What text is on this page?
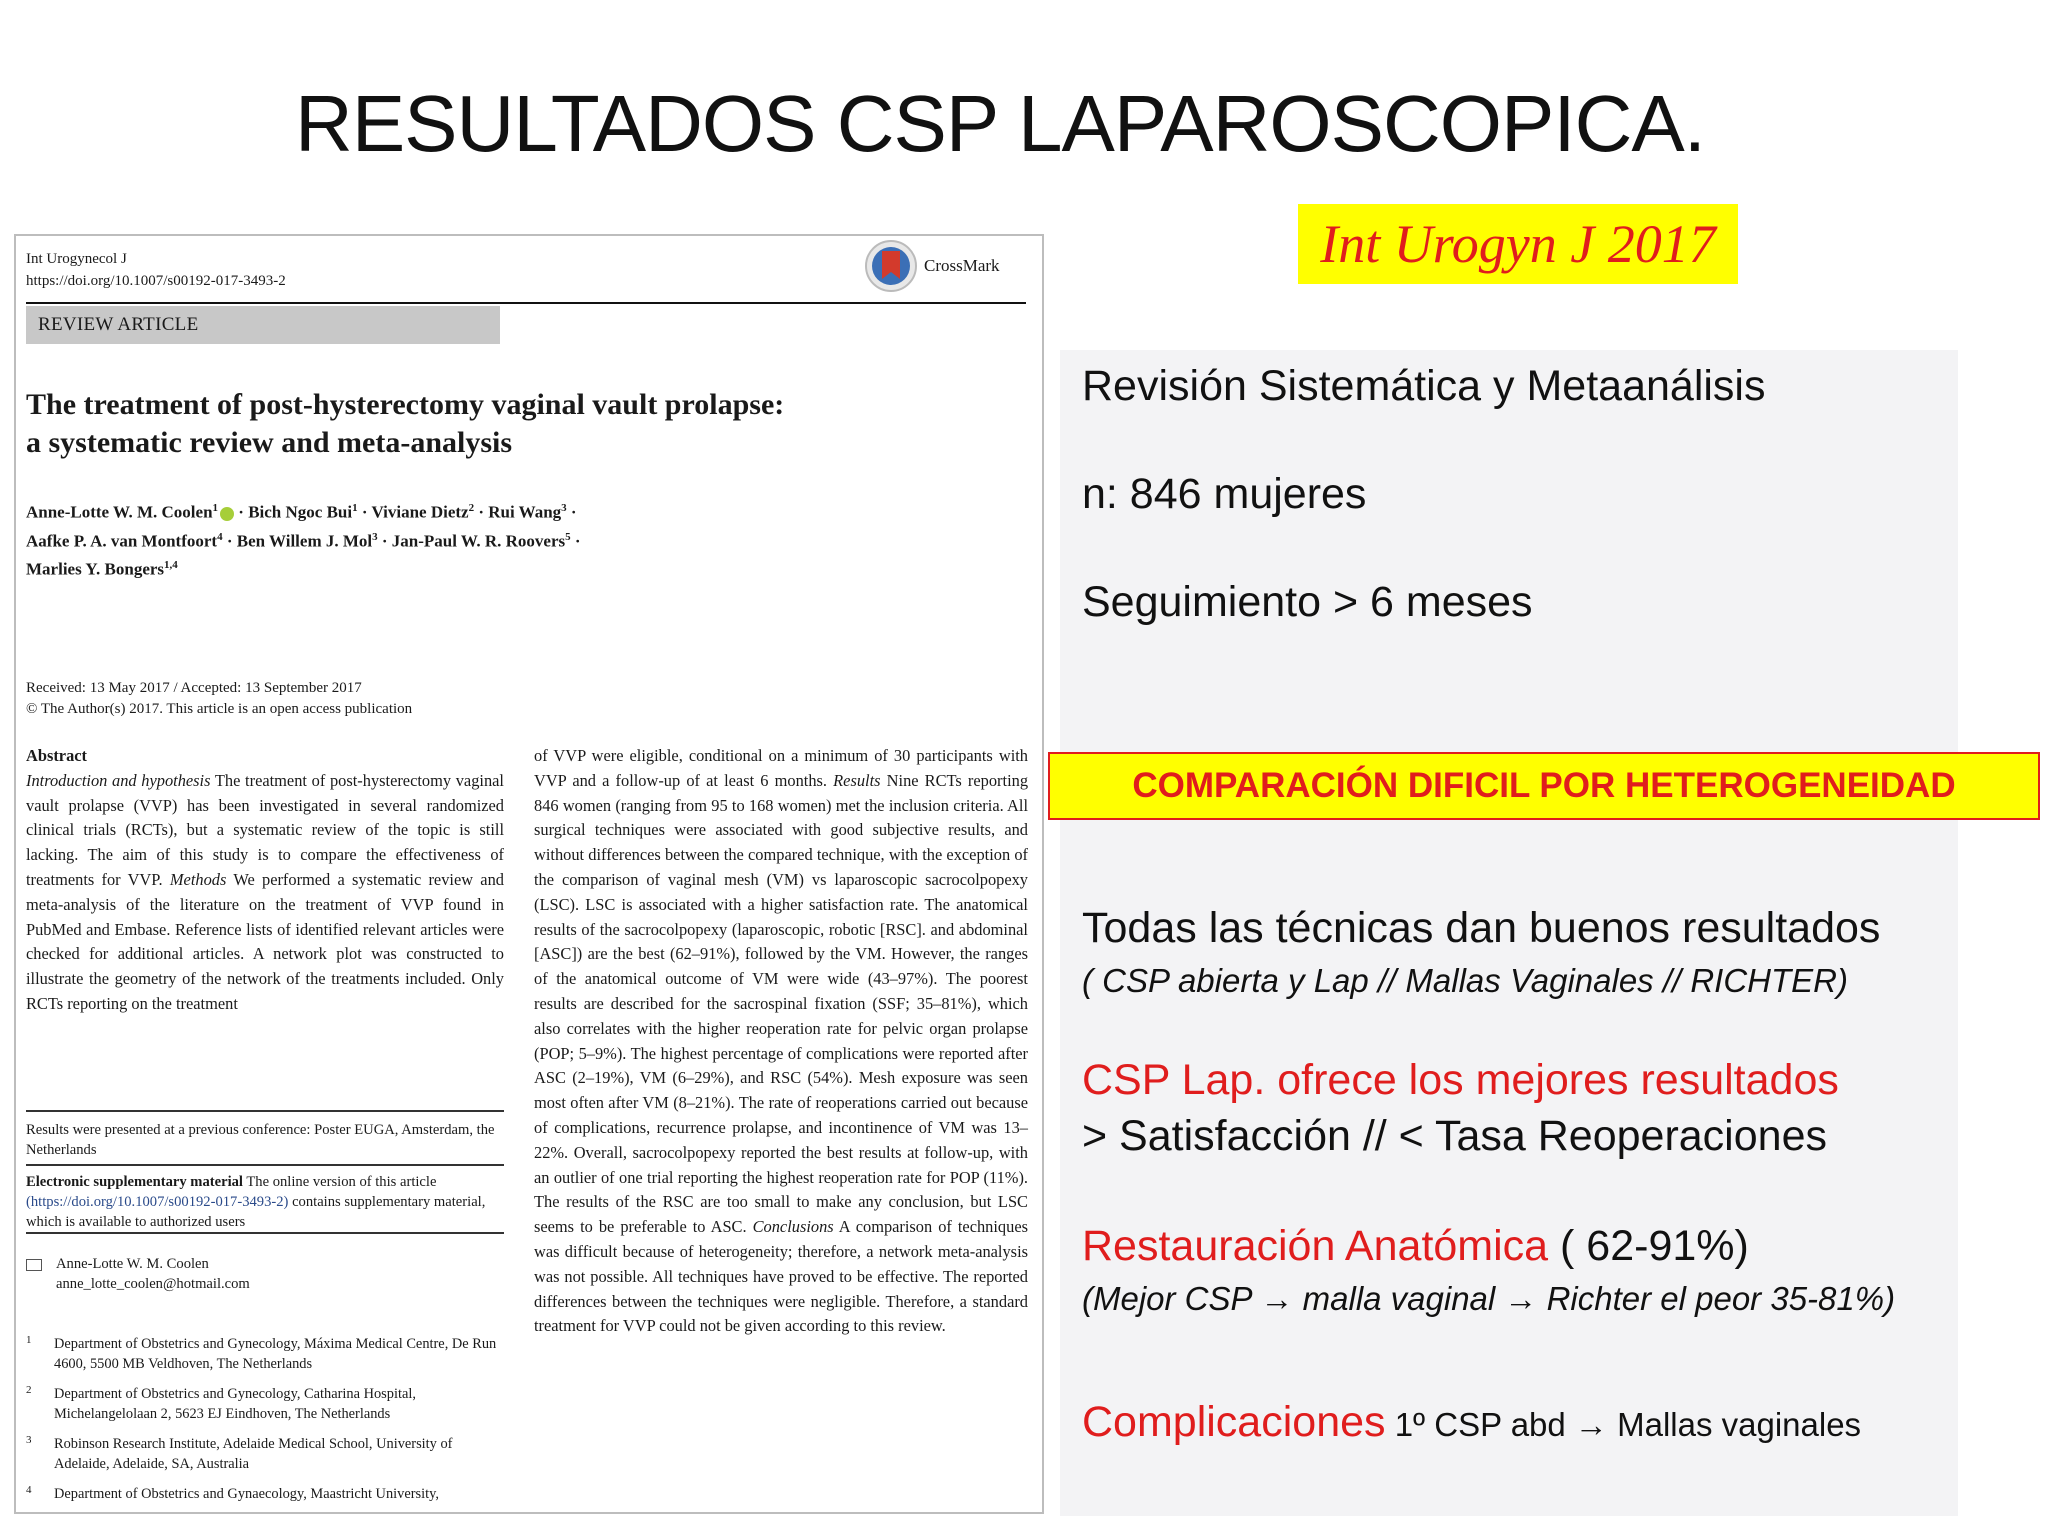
RESULTADOS CSP LAPAROSCOPICA.
Int Urogynecol J
https://doi.org/10.1007/s00192-017-3493-2
CrossMark
REVIEW ARTICLE
The treatment of post-hysterectomy vaginal vault prolapse:
a systematic review and meta-analysis
Anne-Lotte W. M. Coolen$^1$ · Bich Ngoc Bui$^1$ · Viviane Dietz$^2$ · Rui Wang$^3$ ·
Aafke P. A. van Montfoort$^4$ · Ben Willem J. Mol$^3$ · Jan-Paul W. R. Roovers$^5$ ·
Marlies Y. Bongers$^{1,4}$
Received: 13 May 2017 / Accepted: 13 September 2017
© The Author(s) 2017. This article is an open access publication
Abstract
Introduction and hypothesis The treatment of post-hysterectomy vaginal vault prolapse (VVP) has been investigated in several randomized clinical trials (RCTs), but a systematic review of the topic is still lacking. The aim of this study is to compare the effectiveness of treatments for VVP. Methods We performed a systematic review and meta-analysis of the literature on the treatment of VVP found in PubMed and Embase. Reference lists of identified relevant articles were checked for additional articles. A network plot was constructed to illustrate the geometry of the network of the treatments included. Only RCTs reporting on the treatment
Results were presented at a previous conference: Poster EUGA, Amsterdam, the Netherlands
Electronic supplementary material The online version of this article (https://doi.org/10.1007/s00192-017-3493-2) contains supplementary material, which is available to authorized users
Anne-Lotte W. M. Coolen
anne_lotte_coolen@hotmail.com
1 Department of Obstetrics and Gynecology, Máxima Medical Centre, De Run 4600, 5500 MB Veldhoven, The Netherlands
2 Department of Obstetrics and Gynecology, Catharina Hospital, Michelangelolaan 2, 5623 EJ Eindhoven, The Netherlands
3 Robinson Research Institute, Adelaide Medical School, University of Adelaide, Adelaide, SA, Australia
4 Department of Obstetrics and Gynaecology, Maastricht University,
of VVP were eligible, conditional on a minimum of 30 participants with VVP and a follow-up of at least 6 months. Results Nine RCTs reporting 846 women (ranging from 95 to 168 women) met the inclusion criteria. All surgical techniques were associated with good subjective results, and without differences between the compared technique, with the exception of the comparison of vaginal mesh (VM) vs laparoscopic sacrocolpopexy (LSC). LSC is associated with a higher satisfaction rate. The anatomical results of the sacrocolpopexy (laparoscopic, robotic [RSC]. and abdominal [ASC]) are the best (62–91%), followed by the VM. However, the ranges of the anatomical outcome of VM were wide (43–97%). The poorest results are described for the sacrospinal fixation (SSF; 35–81%), which also correlates with the higher reoperation rate for pelvic organ prolapse (POP; 5–9%). The highest percentage of complications were reported after ASC (2–19%), VM (6–29%), and RSC (54%). Mesh exposure was seen most often after VM (8–21%). The rate of reoperations carried out because of complications, recurrence prolapse, and incontinence of VM was 13–22%. Overall, sacrocolpopexy reported the best results at follow-up, with an outlier of one trial reporting the highest reoperation rate for POP (11%). The results of the RSC are too small to make any conclusion, but LSC seems to be preferable to ASC. Conclusions A comparison of techniques was difficult because of heterogeneity; therefore, a network meta-analysis was not possible. All techniques have proved to be effective. The reported differences between the techniques were negligible. Therefore, a standard treatment for VVP could not be given according to this review.
Int Urogyn J 2017
Revisión Sistemática y Metaanálisis
n: 846 mujeres
Seguimiento > 6 meses
COMPARACIÓN DIFICIL POR HETEROGENEIDAD
Todas las técnicas dan buenos resultados
( CSP abierta y Lap // Mallas Vaginales // RICHTER)
CSP Lap. ofrece los mejores resultados
> Satisfacción // < Tasa Reoperaciones
Restauración Anatómica ( 62-91%)
(Mejor CSP → malla vaginal → Richter el peor 35-81%)
Complicaciones 1º CSP abd → Mallas vaginales
